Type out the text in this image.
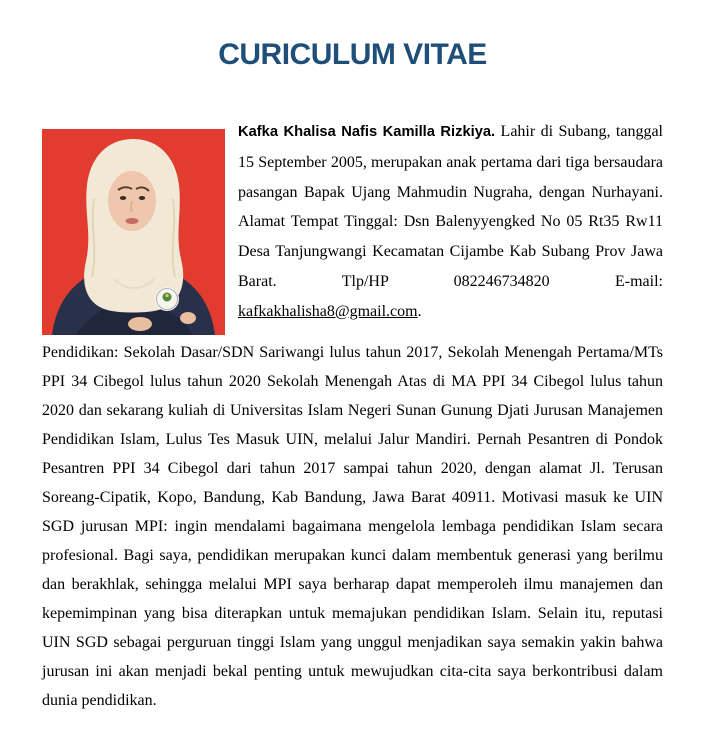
CURICULUM VITAE

Kafka Khalisa Nafis Kamilla Rizkiya. Lahir di Subang, tanggal 15 September 2005, merupakan anak pertama dari tiga bersaudara pasangan Bapak Ujang Mahmudin Nugraha, dengan Nurhayani. Alamat Tempat Tinggal: Dsn Balenyyengked No 05 Rt35 Rw11 Desa Tanjungwangi Kecamatan Cijambe Kab Subang Prov Jawa Barat. Tlp/HP 082246734820 E-mail: kafkakhalisha8@gmail.com.

Pendidikan: Sekolah Dasar/SDN Sariwangi lulus tahun 2017, Sekolah Menengah Pertama/MTs PPI 34 Cibegol lulus tahun 2020 Sekolah Menengah Atas di MA PPI 34 Cibegol lulus tahun 2020 dan sekarang kuliah di Universitas Islam Negeri Sunan Gunung Djati Jurusan Manajemen Pendidikan Islam, Lulus Tes Masuk UIN, melalui Jalur Mandiri. Pernah Pesantren di Pondok Pesantren PPI 34 Cibegol dari tahun 2017 sampai tahun 2020, dengan alamat Jl. Terusan Soreang-Cipatik, Kopo, Bandung, Kab Bandung, Jawa Barat 40911. Motivasi masuk ke UIN SGD jurusan MPI: ingin mendalami bagaimana mengelola lembaga pendidikan Islam secara profesional. Bagi saya, pendidikan merupakan kunci dalam membentuk generasi yang berilmu dan berakhlak, sehingga melalui MPI saya berharap dapat memperoleh ilmu manajemen dan kepemimpinan yang bisa diterapkan untuk memajukan pendidikan Islam. Selain itu, reputasi UIN SGD sebagai perguruan tinggi Islam yang unggul menjadikan saya semakin yakin bahwa jurusan ini akan menjadi bekal penting untuk mewujudkan cita-cita saya berkontribusi dalam dunia pendidikan.
